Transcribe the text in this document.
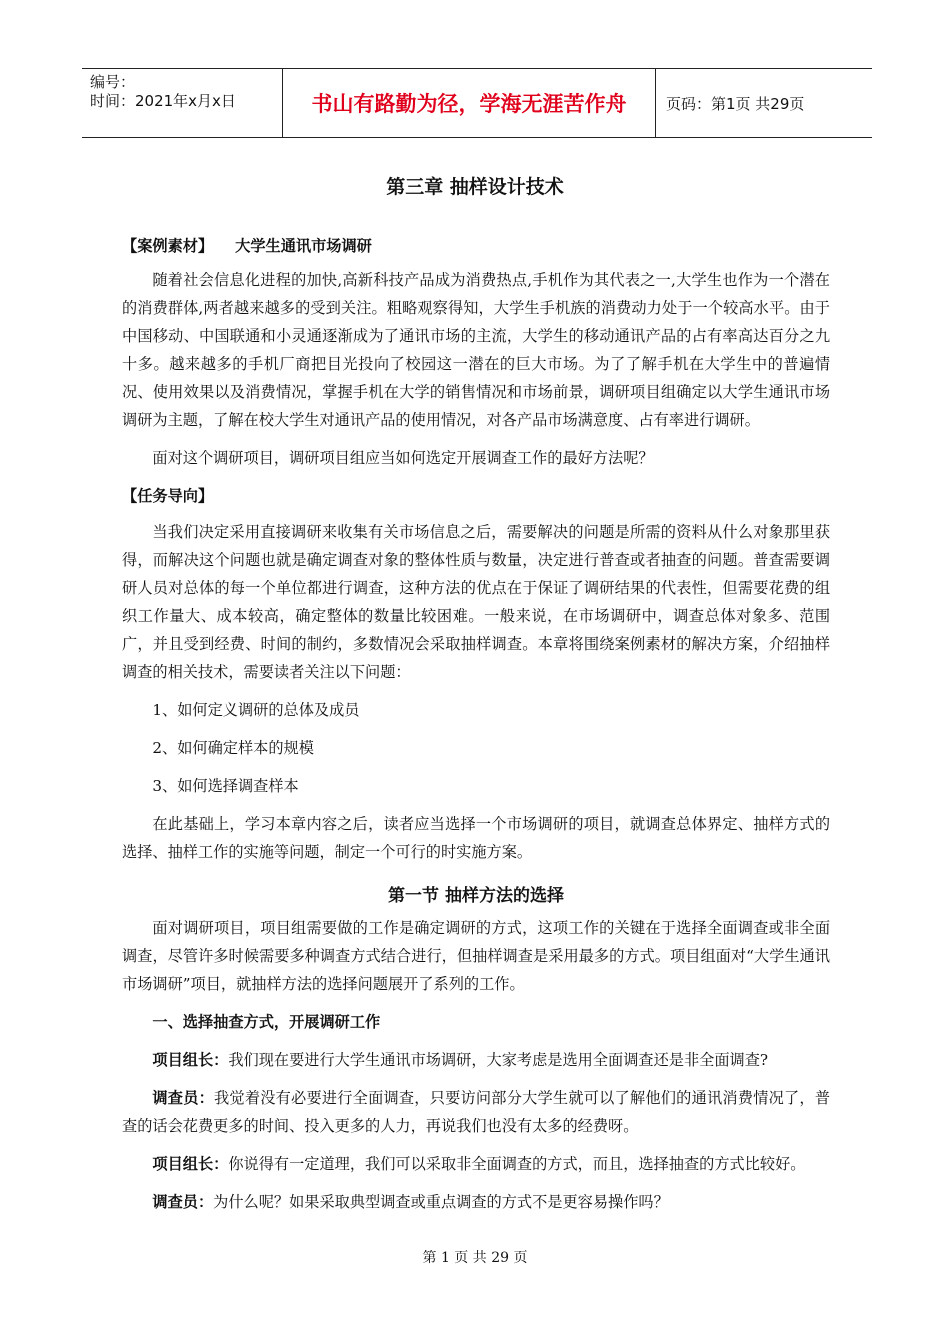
编号：
时间：2021年x月x日	书山有路勤为径，学海无涯苦作舟	页码：第1页 共29页
第三章 抽样设计技术

【案例素材】 大学生通讯市场调研

随着社会信息化进程的加快,高新科技产品成为消费热点,手机作为其代表之一,大学生也作为一个潜在的消费群体,两者越来越多的受到关注。粗略观察得知，大学生手机族的消费动力处于一个较高水平。由于中国移动、中国联通和小灵通逐渐成为了通讯市场的主流，大学生的移动通讯产品的占有率高达百分之九十多。越来越多的手机厂商把目光投向了校园这一潜在的巨大市场。为了了解手机在大学生中的普遍情况、使用效果以及消费情况，掌握手机在大学的销售情况和市场前景，调研项目组确定以大学生通讯市场调研为主题，了解在校大学生对通讯产品的使用情况，对各产品市场满意度、占有率进行调研。

面对这个调研项目，调研项目组应当如何选定开展调查工作的最好方法呢？

【任务导向】

当我们决定采用直接调研来收集有关市场信息之后，需要解决的问题是所需的资料从什么对象那里获得，而解决这个问题也就是确定调查对象的整体性质与数量，决定进行普查或者抽查的问题。普查需要调研人员对总体的每一个单位都进行调查，这种方法的优点在于保证了调研结果的代表性，但需要花费的组织工作量大、成本较高，确定整体的数量比较困难。一般来说，在市场调研中，调查总体对象多、范围广，并且受到经费、时间的制约，多数情况会采取抽样调查。本章将围绕案例素材的解决方案，介绍抽样调查的相关技术，需要读者关注以下问题：

1、如何定义调研的总体及成员

2、如何确定样本的规模

3、如何选择调查样本

在此基础上，学习本章内容之后，读者应当选择一个市场调研的项目，就调查总体界定、抽样方式的选择、抽样工作的实施等问题，制定一个可行的时实施方案。

第一节 抽样方法的选择

面对调研项目，项目组需要做的工作是确定调研的方式，这项工作的关键在于选择全面调查或非全面调查，尽管许多时候需要多种调查方式结合进行，但抽样调查是采用最多的方式。项目组面对“大学生通讯市场调研”项目，就抽样方法的选择问题展开了系列的工作。

一、选择抽查方式，开展调研工作

项目组长：我们现在要进行大学生通讯市场调研，大家考虑是选用全面调查还是非全面调查?

调查员：我觉着没有必要进行全面调查，只要访问部分大学生就可以了解他们的通讯消费情况了，普查的话会花费更多的时间、投入更多的人力，再说我们也没有太多的经费呀。

项目组长：你说得有一定道理，我们可以采取非全面调查的方式，而且，选择抽查的方式比较好。

调查员：为什么呢？如果采取典型调查或重点调查的方式不是更容易操作吗？

第 1 页 共 29 页
